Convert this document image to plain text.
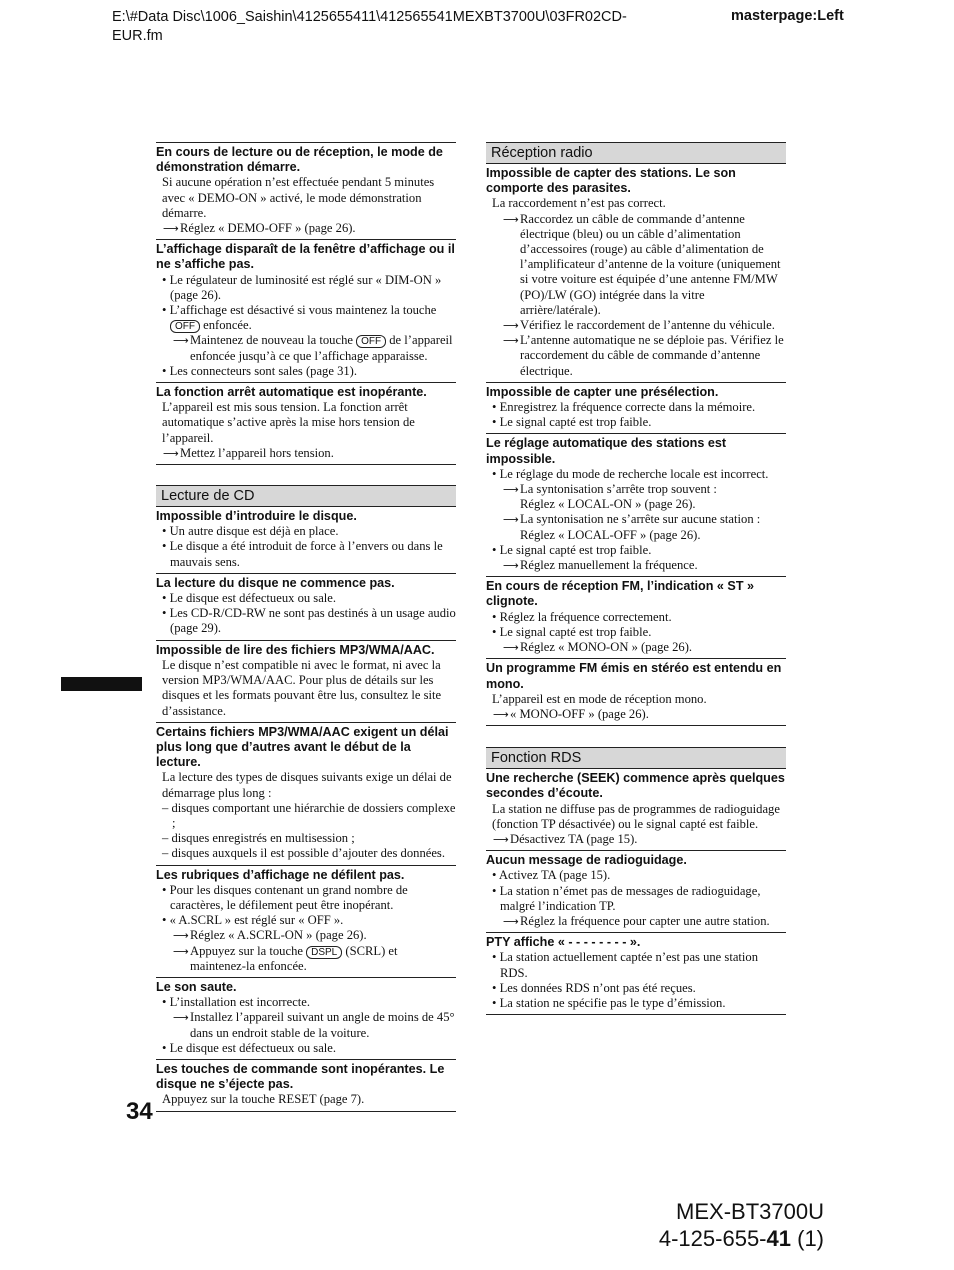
E:\#Data Disc\1006_Saishin\4125655411\412565541MEXBT3700U\03FR02CD-EUR.fm
masterpage:Left
En cours de lecture ou de réception, le mode de démonstration démarre.
Si aucune opération n’est effectuée pendant 5 minutes avec « DEMO-ON » activé, le mode démonstration démarre.
⟶Réglez « DEMO-OFF » (page 26).
L’affichage disparaît de la fenêtre d’affichage ou il ne s’affiche pas.
• Le régulateur de luminosité est réglé sur « DIM-ON » (page 26).
• L’affichage est désactivé si vous maintenez la touche OFF enfoncée.
⟶Maintenez de nouveau la touche OFF de l’appareil enfoncée jusqu’à ce que l’affichage apparaisse.
• Les connecteurs sont sales (page 31).
La fonction arrêt automatique est inopérante.
L’appareil est mis sous tension. La fonction arrêt automatique s’active après la mise hors tension de l’appareil.
⟶Mettez l’appareil hors tension.
Lecture de CD
Impossible d’introduire le disque.
• Un autre disque est déjà en place.
• Le disque a été introduit de force à l’envers ou dans le mauvais sens.
La lecture du disque ne commence pas.
• Le disque est défectueux ou sale.
• Les CD-R/CD-RW ne sont pas destinés à un usage audio (page 29).
Impossible de lire des fichiers MP3/WMA/AAC.
Le disque n’est compatible ni avec le format, ni avec la version MP3/WMA/AAC. Pour plus de détails sur les disques et les formats pouvant être lus, consultez le site d’assistance.
Certains fichiers MP3/WMA/AAC exigent un délai plus long que d’autres avant le début de la lecture.
La lecture des types de disques suivants exige un délai de démarrage plus long :
– disques comportant une hiérarchie de dossiers complexe ;
– disques enregistrés en multisession ;
– disques auxquels il est possible d’ajouter des données.
Les rubriques d’affichage ne défilent pas.
• Pour les disques contenant un grand nombre de caractères, le défilement peut être inopérant.
• « A.SCRL » est réglé sur « OFF ».
⟶Réglez « A.SCRL-ON » (page 26).
⟶Appuyez sur la touche DSPL (SCRL) et maintenez-la enfoncée.
Le son saute.
• L’installation est incorrecte.
⟶Installez l’appareil suivant un angle de moins de 45° dans un endroit stable de la voiture.
• Le disque est défectueux ou sale.
Les touches de commande sont inopérantes. Le disque ne s’éjecte pas.
Appuyez sur la touche RESET (page 7).
Réception radio
Impossible de capter des stations. Le son comporte des parasites.
La raccordement n’est pas correct.
⟶Raccordez un câble de commande d’antenne électrique (bleu) ou un câble d’alimentation d’accessoires (rouge) au câble d’alimentation de l’amplificateur d’antenne de la voiture (uniquement si votre voiture est équipée d’une antenne FM/MW (PO)/LW (GO) intégrée dans la vitre arrière/latérale).
⟶Vérifiez le raccordement de l’antenne du véhicule.
⟶L’antenne automatique ne se déploie pas. Vérifiez le raccordement du câble de commande d’antenne électrique.
Impossible de capter une présélection.
• Enregistrez la fréquence correcte dans la mémoire.
• Le signal capté est trop faible.
Le réglage automatique des stations est impossible.
• Le réglage du mode de recherche locale est incorrect.
⟶La syntonisation s’arrête trop souvent :
Réglez « LOCAL-ON » (page 26).
⟶La syntonisation ne s’arrête sur aucune station :
Réglez « LOCAL-OFF » (page 26).
• Le signal capté est trop faible.
⟶Réglez manuellement la fréquence.
En cours de réception FM, l’indication « ST » clignote.
• Réglez la fréquence correctement.
• Le signal capté est trop faible.
⟶Réglez « MONO-ON » (page 26).
Un programme FM émis en stéréo est entendu en mono.
L’appareil est en mode de réception mono.
⟶« MONO-OFF » (page 26).
Fonction RDS
Une recherche (SEEK) commence après quelques secondes d’écoute.
La station ne diffuse pas de programmes de radioguidage (fonction TP désactivée) ou le signal capté est faible.
⟶Désactivez TA (page 15).
Aucun message de radioguidage.
• Activez TA (page 15).
• La station n’émet pas de messages de radioguidage, malgré l’indication TP.
⟶Réglez la fréquence pour capter une autre station.
PTY affiche « - - - - - - - - ».
• La station actuellement captée n’est pas une station RDS.
• Les données RDS n’ont pas été reçues.
• La station ne spécifie pas le type d’émission.
34
MEX-BT3700U
4-125-655-41 (1)
